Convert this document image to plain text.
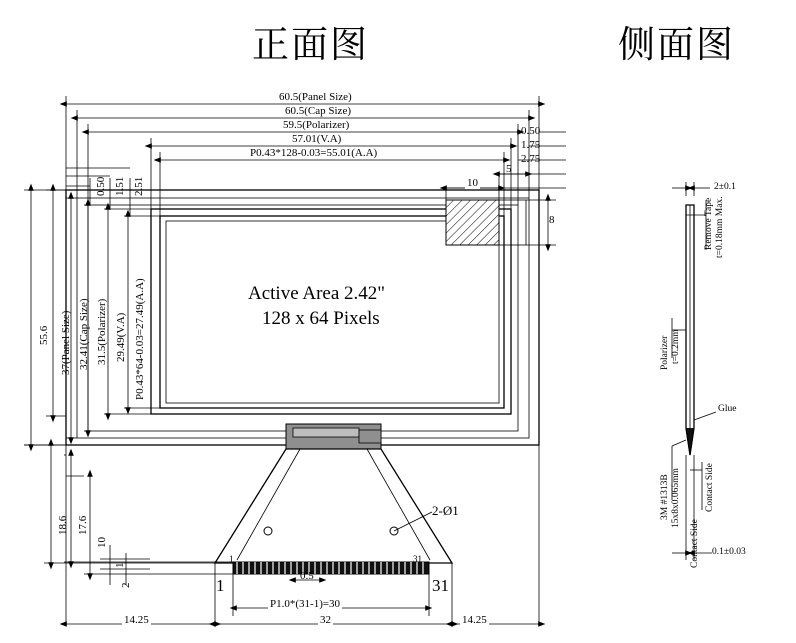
正面图	侧面图
Active Area 2.42"
128 x 64 Pixels
60.5(Panel Size)
60.5(Cap Size)
59.5(Polarizer)
57.01(V.A)
P0.43*128-0.03=55.01(A.A)
0.50
1.75
2.75
5
10
8
55.6 37(Panel Size) 32.41(Cap Size) 31.5(Polarizer) 29.49(V.A) P0.43*64-0.03=27.49(A.A)
0.50 1.51 2.51
18.6 17.6
10
1
2
1	31
1	31
0.5
P1.0*(31-1)=30
32
14.25	14.25
2-Ø1
2±0.1
Remove Tape t=0.18mm Max.
Polarizer t=0.2mm
Glue
3M #1313B 15x8x0.065mm	Contact Side
Contact Side 0.1±0.03
